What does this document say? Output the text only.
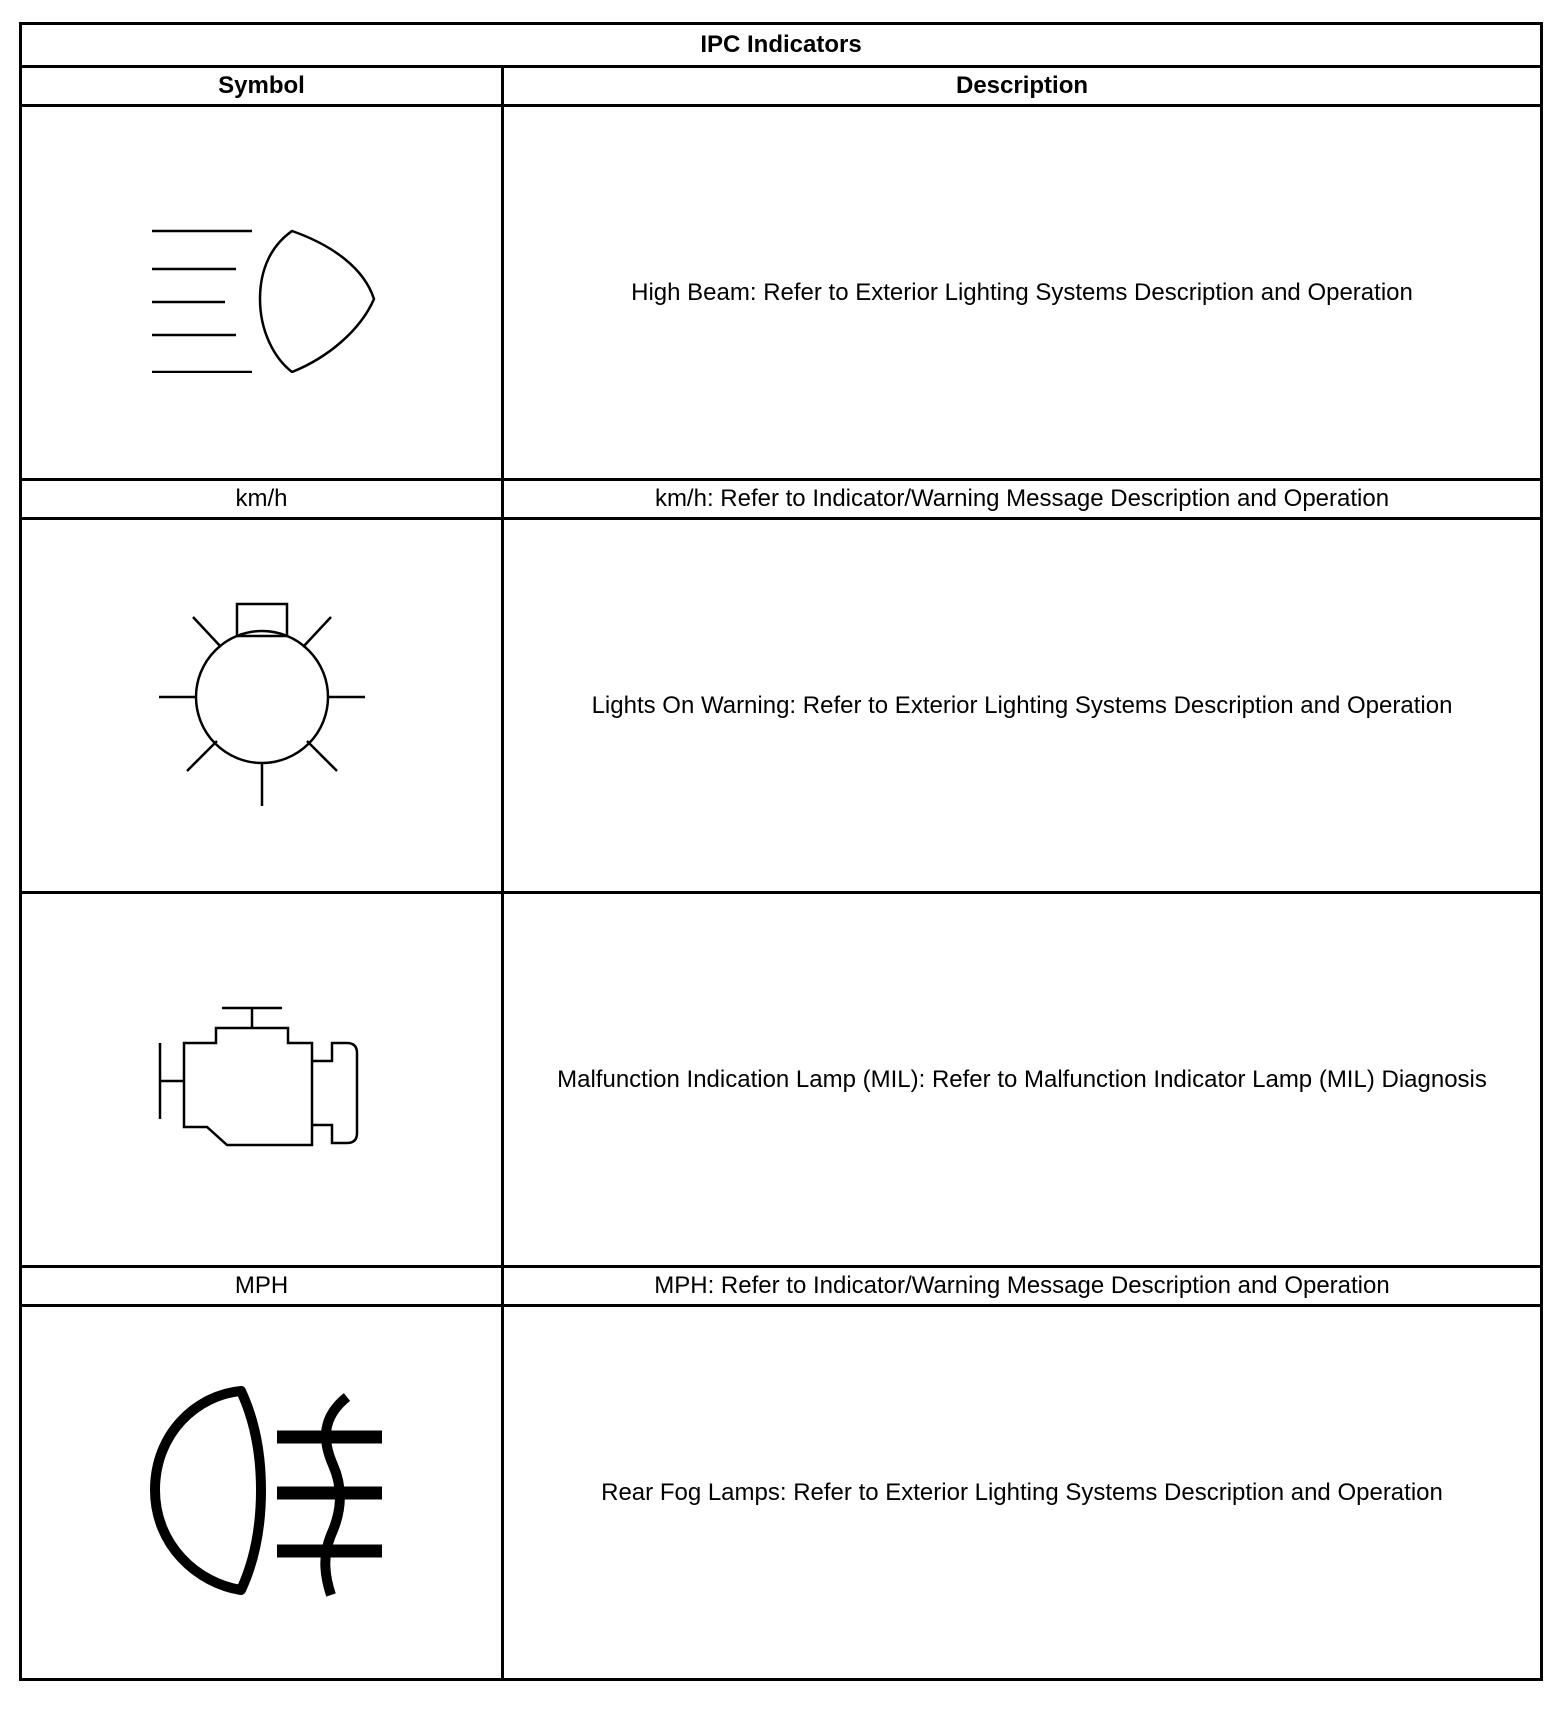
IPC Indicators	
Symbol	Description

	High Beam: Refer to Exterior Lighting Systems Description and Operation
km/h	km/h: Refer to Indicator/Warning Message Description and Operation

	Lights On Warning: Refer to Exterior Lighting Systems Description and Operation

	Malfunction Indication Lamp (MIL): Refer to Malfunction Indicator Lamp (MIL) Diagnosis
MPH	MPH: Refer to Indicator/Warning Message Description and Operation

	Rear Fog Lamps: Refer to Exterior Lighting Systems Description and Operation
